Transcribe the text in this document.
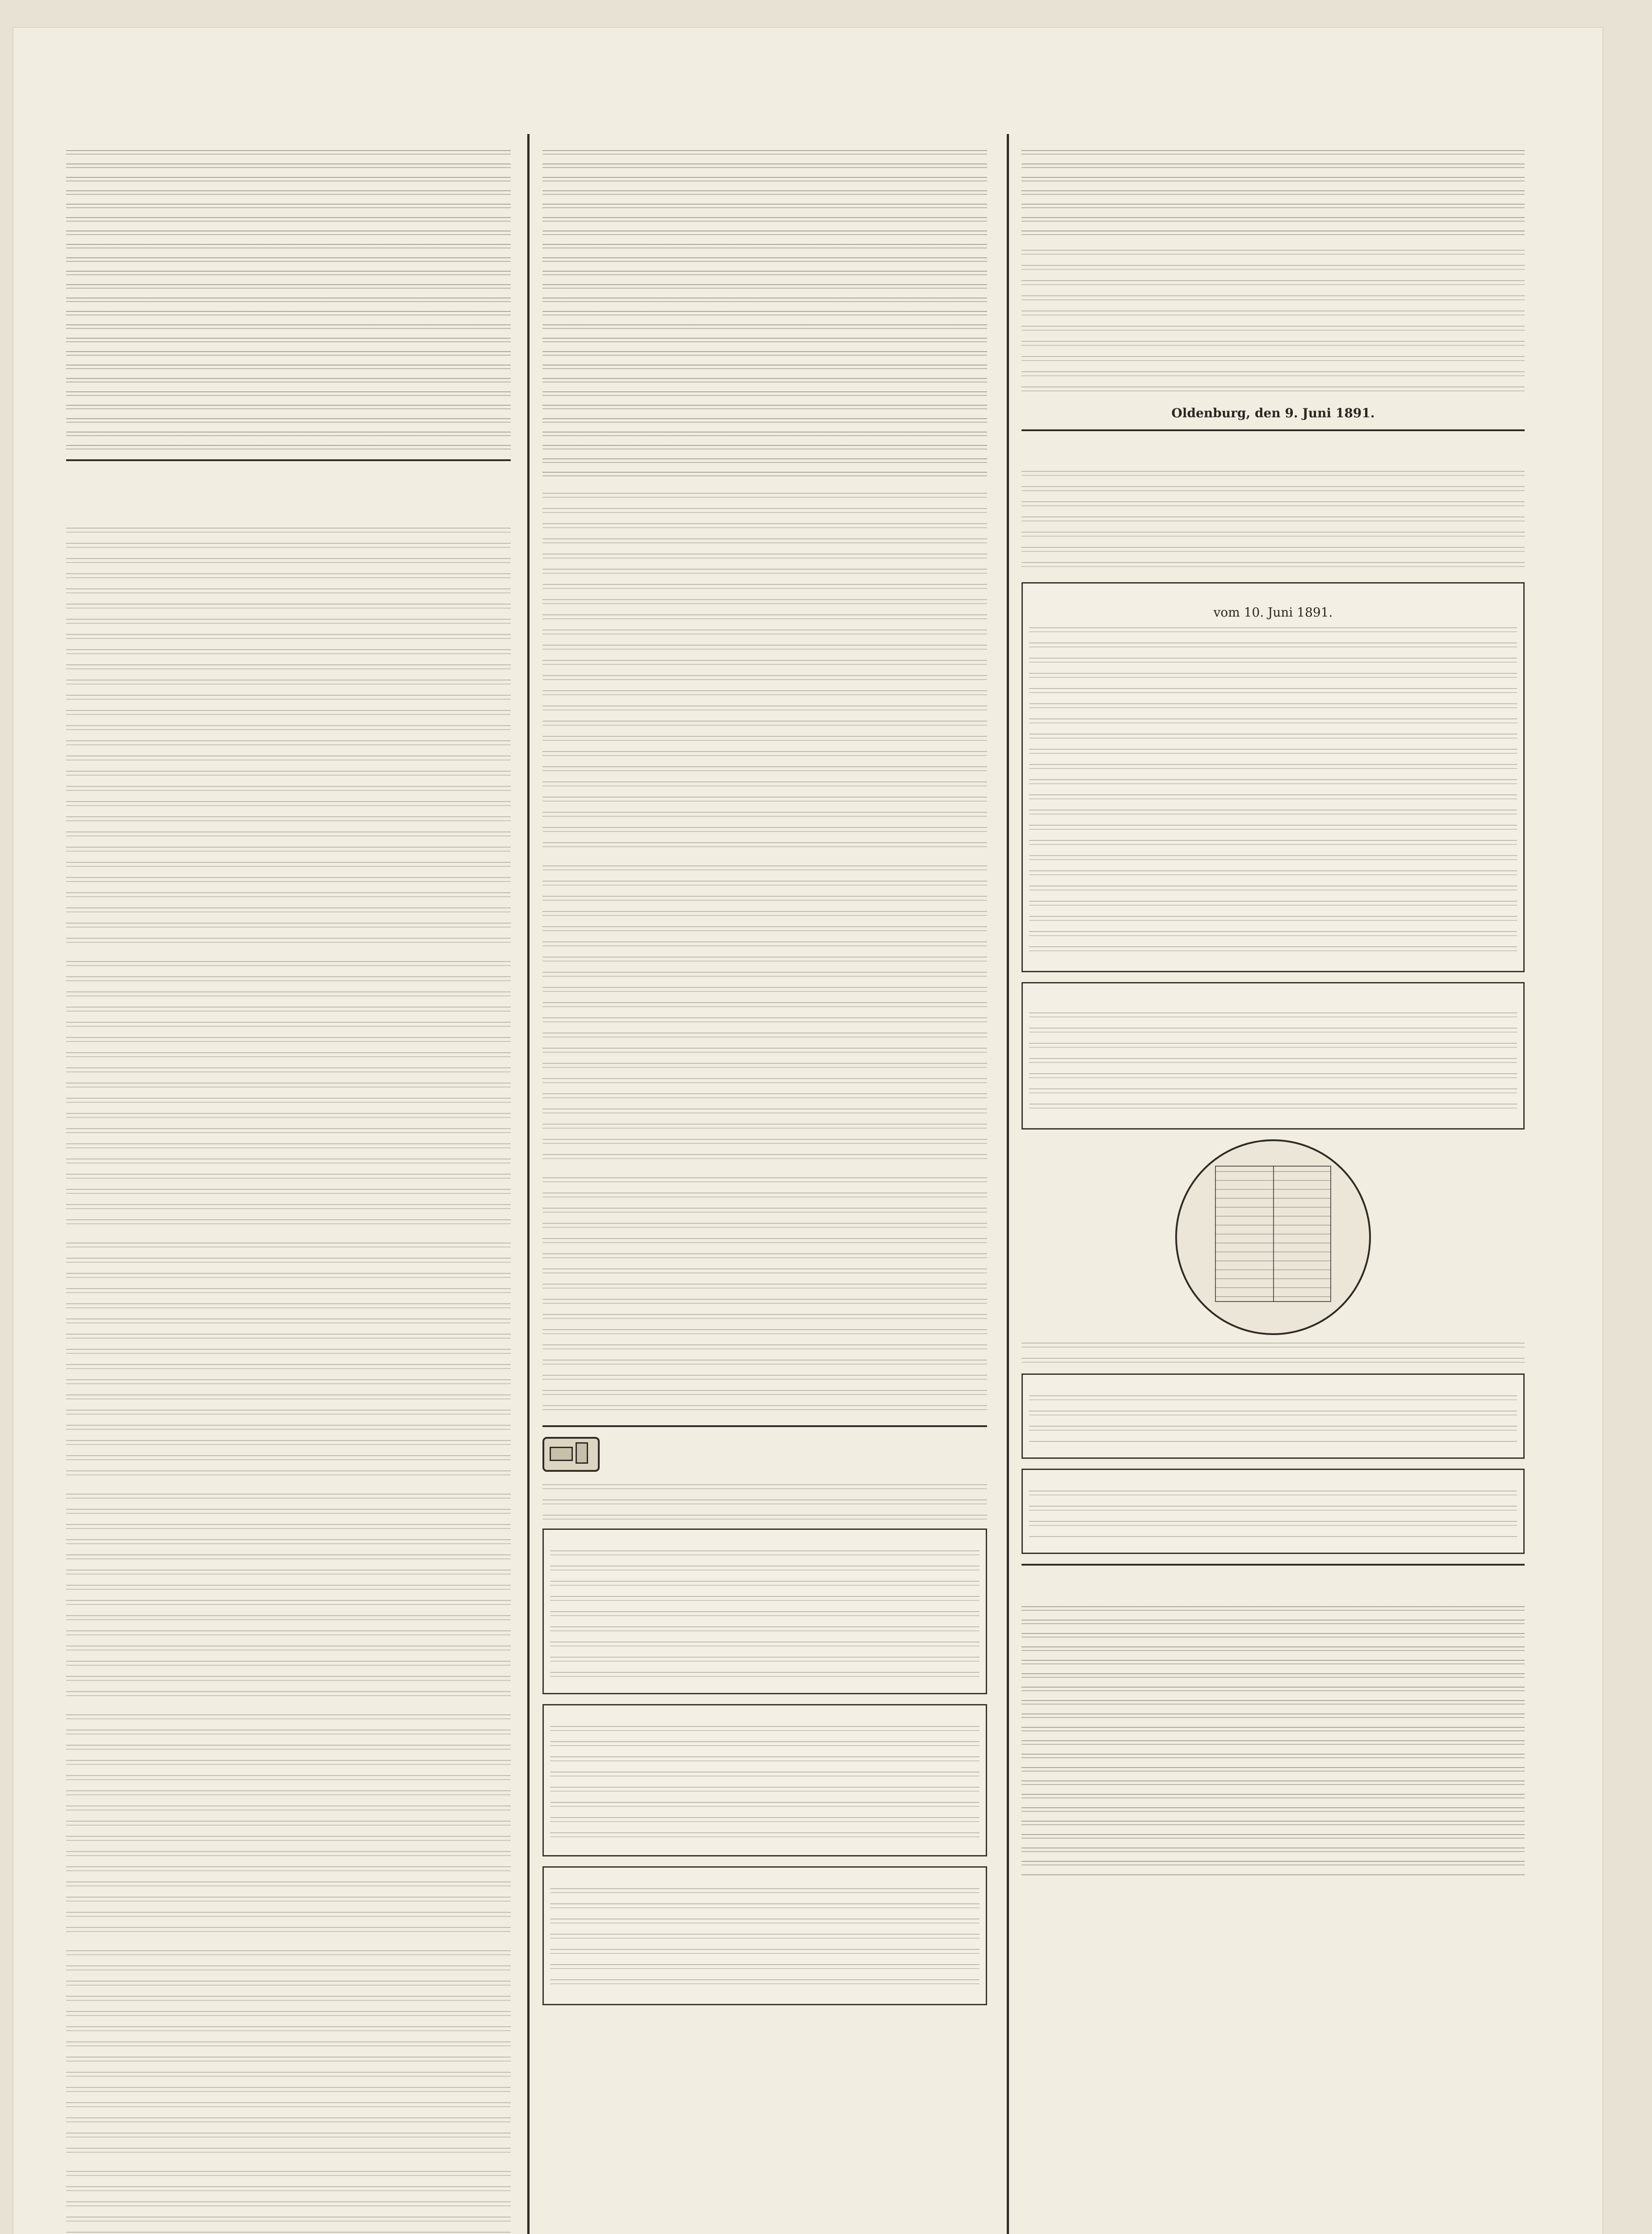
Oldenburg, den 9. Juni 1891.

vom 10. Juni 1891.
